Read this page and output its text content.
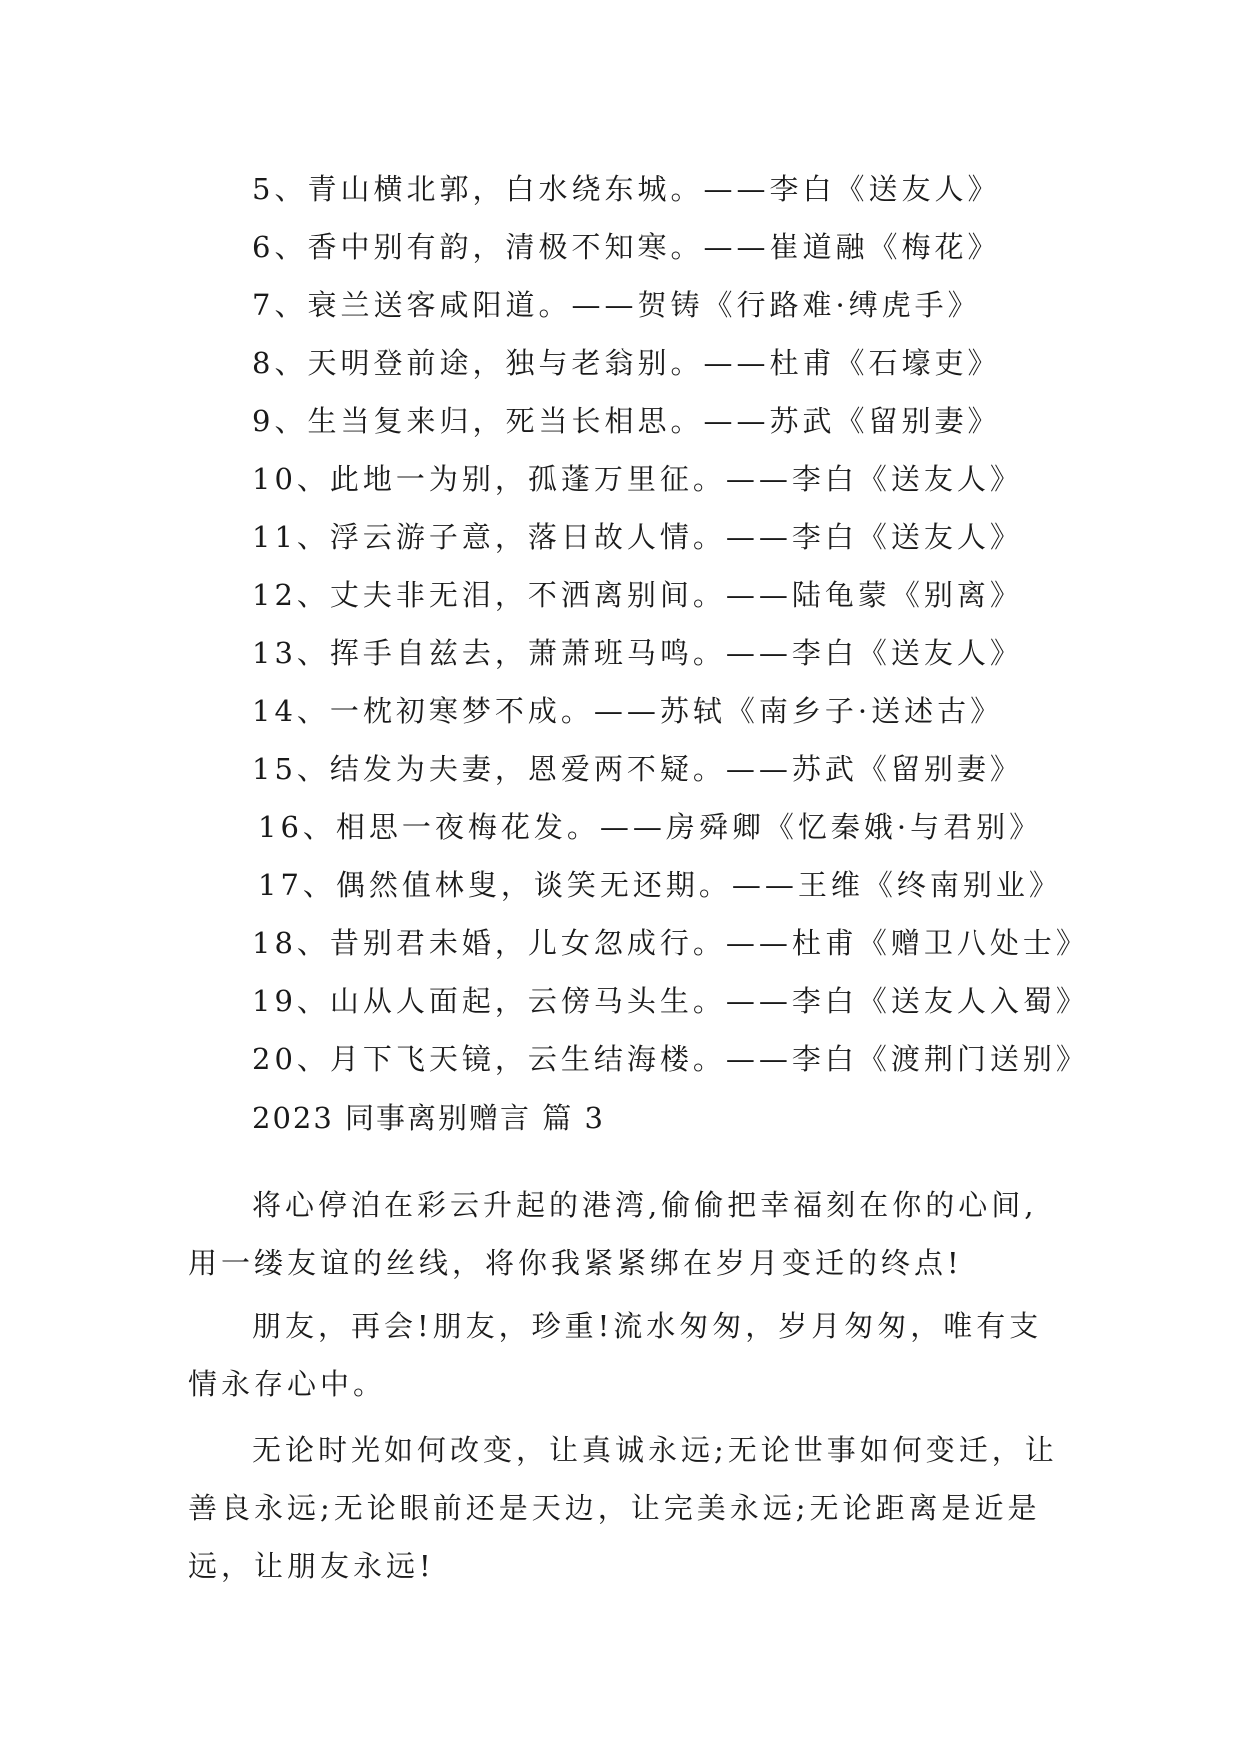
5、青山横北郭，白水绕东城。——李白《送友人》
6、香中别有韵，清极不知寒。——崔道融《梅花》
7、衰兰送客咸阳道。——贺铸《行路难·缚虎手》
8、天明登前途，独与老翁别。——杜甫《石壕吏》
9、生当复来归，死当长相思。——苏武《留别妻》
10、此地一为别，孤蓬万里征。——李白《送友人》
11、浮云游子意，落日故人情。——李白《送友人》
12、丈夫非无泪，不洒离别间。——陆龟蒙《别离》
13、挥手自兹去，萧萧班马鸣。——李白《送友人》
14、一枕初寒梦不成。——苏轼《南乡子·送述古》
15、结发为夫妻，恩爱两不疑。——苏武《留别妻》
16、相思一夜梅花发。——房舜卿《忆秦娥·与君别》
17、偶然值林叟，谈笑无还期。——王维《终南别业》
18、昔别君未婚，儿女忽成行。——杜甫《赠卫八处士》
19、山从人面起，云傍马头生。——李白《送友人入蜀》
20、月下飞天镜，云生结海楼。——李白《渡荆门送别》
2023 同事离别赠言 篇 3

将心停泊在彩云升起的港湾,偷偷把幸福刻在你的心间,用一缕友谊的丝线，将你我紧紧绑在岁月变迁的终点!

朋友，再会!朋友，珍重!流水匆匆，岁月匆匆，唯有支情永存心中。

无论时光如何改变，让真诚永远;无论世事如何变迁，让善良永远;无论眼前还是天边，让完美永远;无论距离是近是远，让朋友永远!
